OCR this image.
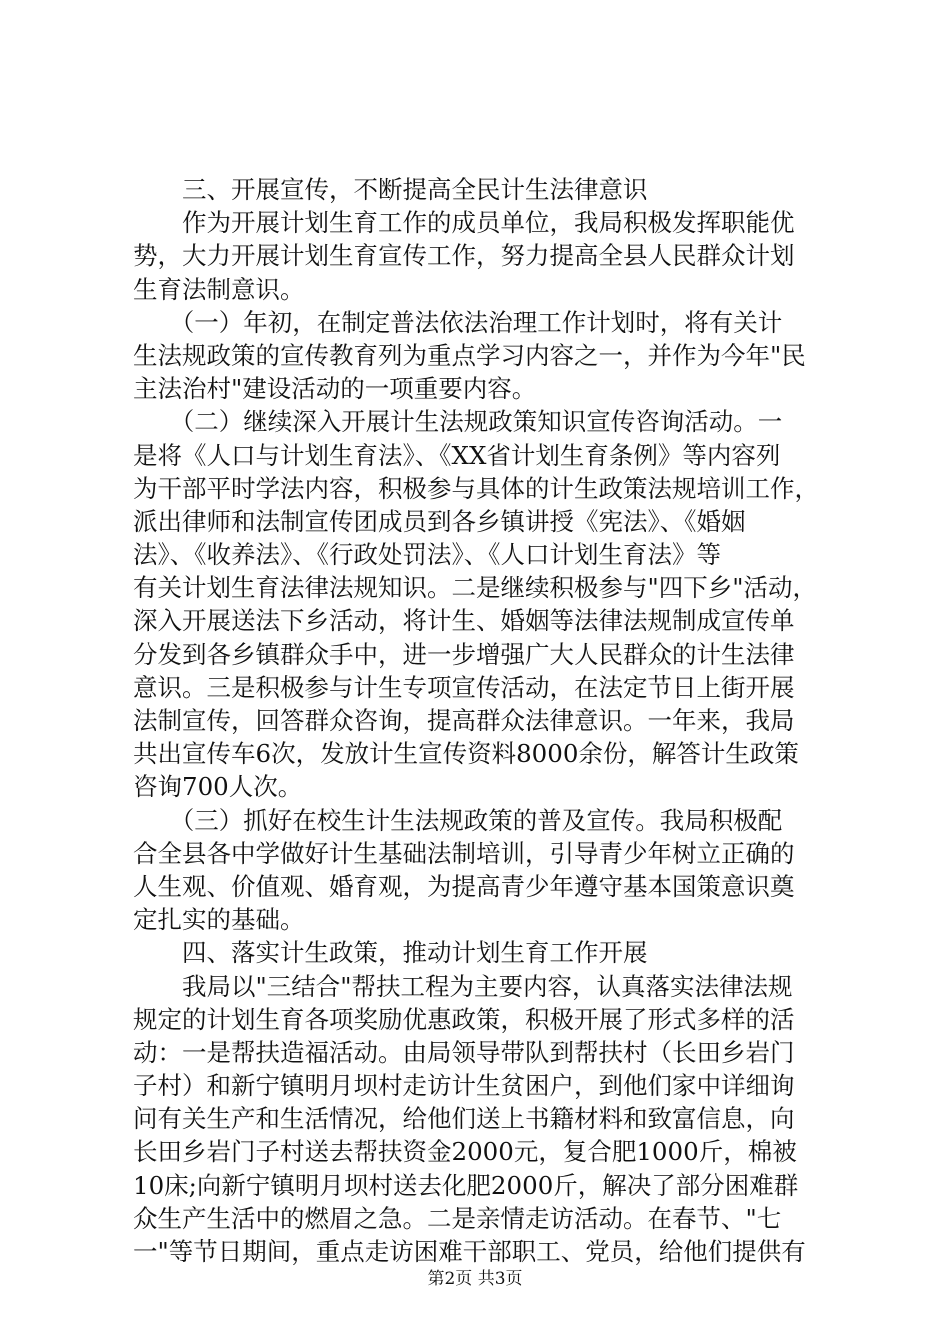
　　三、开展宣传，不断提高全民计生法律意识
　　作为开展计划生育工作的成员单位，我局积极发挥职能优
势，大力开展计划生育宣传工作，努力提高全县人民群众计划
生育法制意识。
　　（一）年初，在制定普法依法治理工作计划时，将有关计
生法规政策的宣传教育列为重点学习内容之一，并作为今年"民
主法治村"建设活动的一项重要内容。
　　（二）继续深入开展计生法规政策知识宣传咨询活动。一
是将《人口与计划生育法》、《XX省计划生育条例》等内容列
为干部平时学法内容，积极参与具体的计生政策法规培训工作，
派出律师和法制宣传团成员到各乡镇讲授《宪法》、《婚姻
法》、《收养法》、《行政处罚法》、《人口计划生育法》等
有关计划生育法律法规知识。二是继续积极参与"四下乡"活动，
深入开展送法下乡活动，将计生、婚姻等法律法规制成宣传单
分发到各乡镇群众手中，进一步增强广大人民群众的计生法律
意识。三是积极参与计生专项宣传活动，在法定节日上街开展
法制宣传，回答群众咨询，提高群众法律意识。一年来，我局
共出宣传车6次，发放计生宣传资料8000余份，解答计生政策
咨询700人次。
　　（三）抓好在校生计生法规政策的普及宣传。我局积极配
合全县各中学做好计生基础法制培训，引导青少年树立正确的
人生观、价值观、婚育观，为提高青少年遵守基本国策意识奠
定扎实的基础。
　　四、落实计生政策，推动计划生育工作开展
　　我局以"三结合"帮扶工程为主要内容，认真落实法律法规
规定的计划生育各项奖励优惠政策，积极开展了形式多样的活
动：一是帮扶造福活动。由局领导带队到帮扶村（长田乡岩门
子村）和新宁镇明月坝村走访计生贫困户，到他们家中详细询
问有关生产和生活情况，给他们送上书籍材料和致富信息，向
长田乡岩门子村送去帮扶资金2000元，复合肥1000斤，棉被
10床;向新宁镇明月坝村送去化肥2000斤，解决了部分困难群
众生产生活中的燃眉之急。二是亲情走访活动。在春节、"七
一"等节日期间，重点走访困难干部职工、党员，给他们提供有
第2页 共3页
